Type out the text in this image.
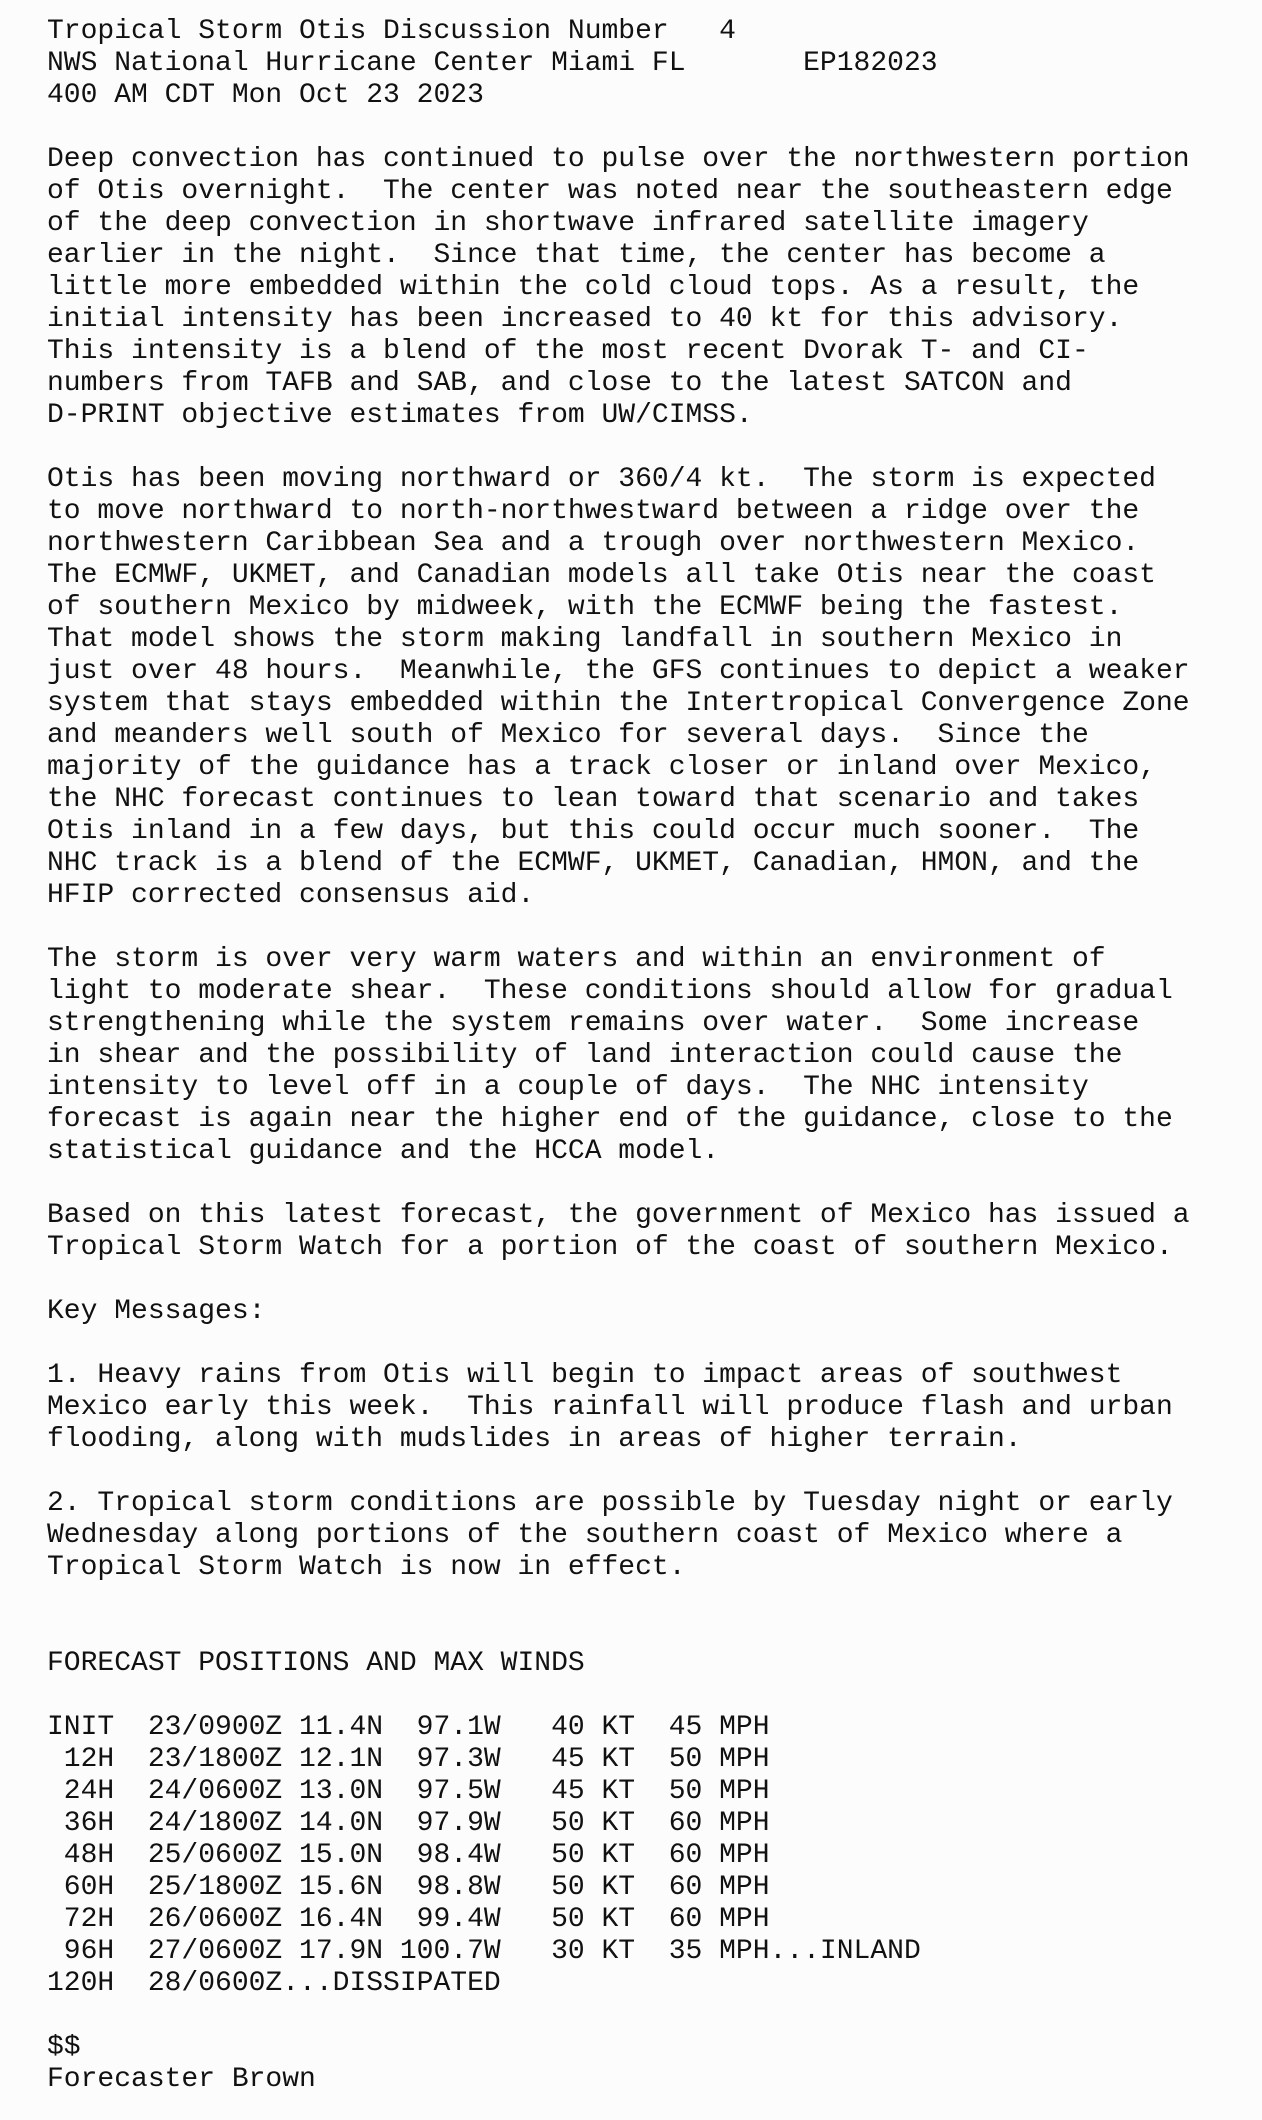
Tropical Storm Otis Discussion Number   4
NWS National Hurricane Center Miami FL       EP182023
400 AM CDT Mon Oct 23 2023
Deep convection has continued to pulse over the northwestern portion
of Otis overnight.  The center was noted near the southeastern edge
of the deep convection in shortwave infrared satellite imagery
earlier in the night.  Since that time, the center has become a
little more embedded within the cold cloud tops. As a result, the
initial intensity has been increased to 40 kt for this advisory.
This intensity is a blend of the most recent Dvorak T- and CI-
numbers from TAFB and SAB, and close to the latest SATCON and
D-PRINT objective estimates from UW/CIMSS.
Otis has been moving northward or 360/4 kt.  The storm is expected
to move northward to north-northwestward between a ridge over the
northwestern Caribbean Sea and a trough over northwestern Mexico.
The ECMWF, UKMET, and Canadian models all take Otis near the coast
of southern Mexico by midweek, with the ECMWF being the fastest.
That model shows the storm making landfall in southern Mexico in
just over 48 hours.  Meanwhile, the GFS continues to depict a weaker
system that stays embedded within the Intertropical Convergence Zone
and meanders well south of Mexico for several days.  Since the
majority of the guidance has a track closer or inland over Mexico,
the NHC forecast continues to lean toward that scenario and takes
Otis inland in a few days, but this could occur much sooner.  The
NHC track is a blend of the ECMWF, UKMET, Canadian, HMON, and the
HFIP corrected consensus aid.
The storm is over very warm waters and within an environment of
light to moderate shear.  These conditions should allow for gradual
strengthening while the system remains over water.  Some increase
in shear and the possibility of land interaction could cause the
intensity to level off in a couple of days.  The NHC intensity
forecast is again near the higher end of the guidance, close to the
statistical guidance and the HCCA model.
Based on this latest forecast, the government of Mexico has issued a
Tropical Storm Watch for a portion of the coast of southern Mexico.
Key Messages:
1. Heavy rains from Otis will begin to impact areas of southwest
Mexico early this week.  This rainfall will produce flash and urban
flooding, along with mudslides in areas of higher terrain.
2. Tropical storm conditions are possible by Tuesday night or early
Wednesday along portions of the southern coast of Mexico where a
Tropical Storm Watch is now in effect.
FORECAST POSITIONS AND MAX WINDS
INIT  23/0900Z 11.4N  97.1W   40 KT  45 MPH
12H  23/1800Z 12.1N  97.3W   45 KT  50 MPH
24H  24/0600Z 13.0N  97.5W   45 KT  50 MPH
36H  24/1800Z 14.0N  97.9W   50 KT  60 MPH
48H  25/0600Z 15.0N  98.4W   50 KT  60 MPH
60H  25/1800Z 15.6N  98.8W   50 KT  60 MPH
72H  26/0600Z 16.4N  99.4W   50 KT  60 MPH
96H  27/0600Z 17.9N 100.7W   30 KT  35 MPH...INLAND
120H  28/0600Z...DISSIPATED
$$
Forecaster Brown
